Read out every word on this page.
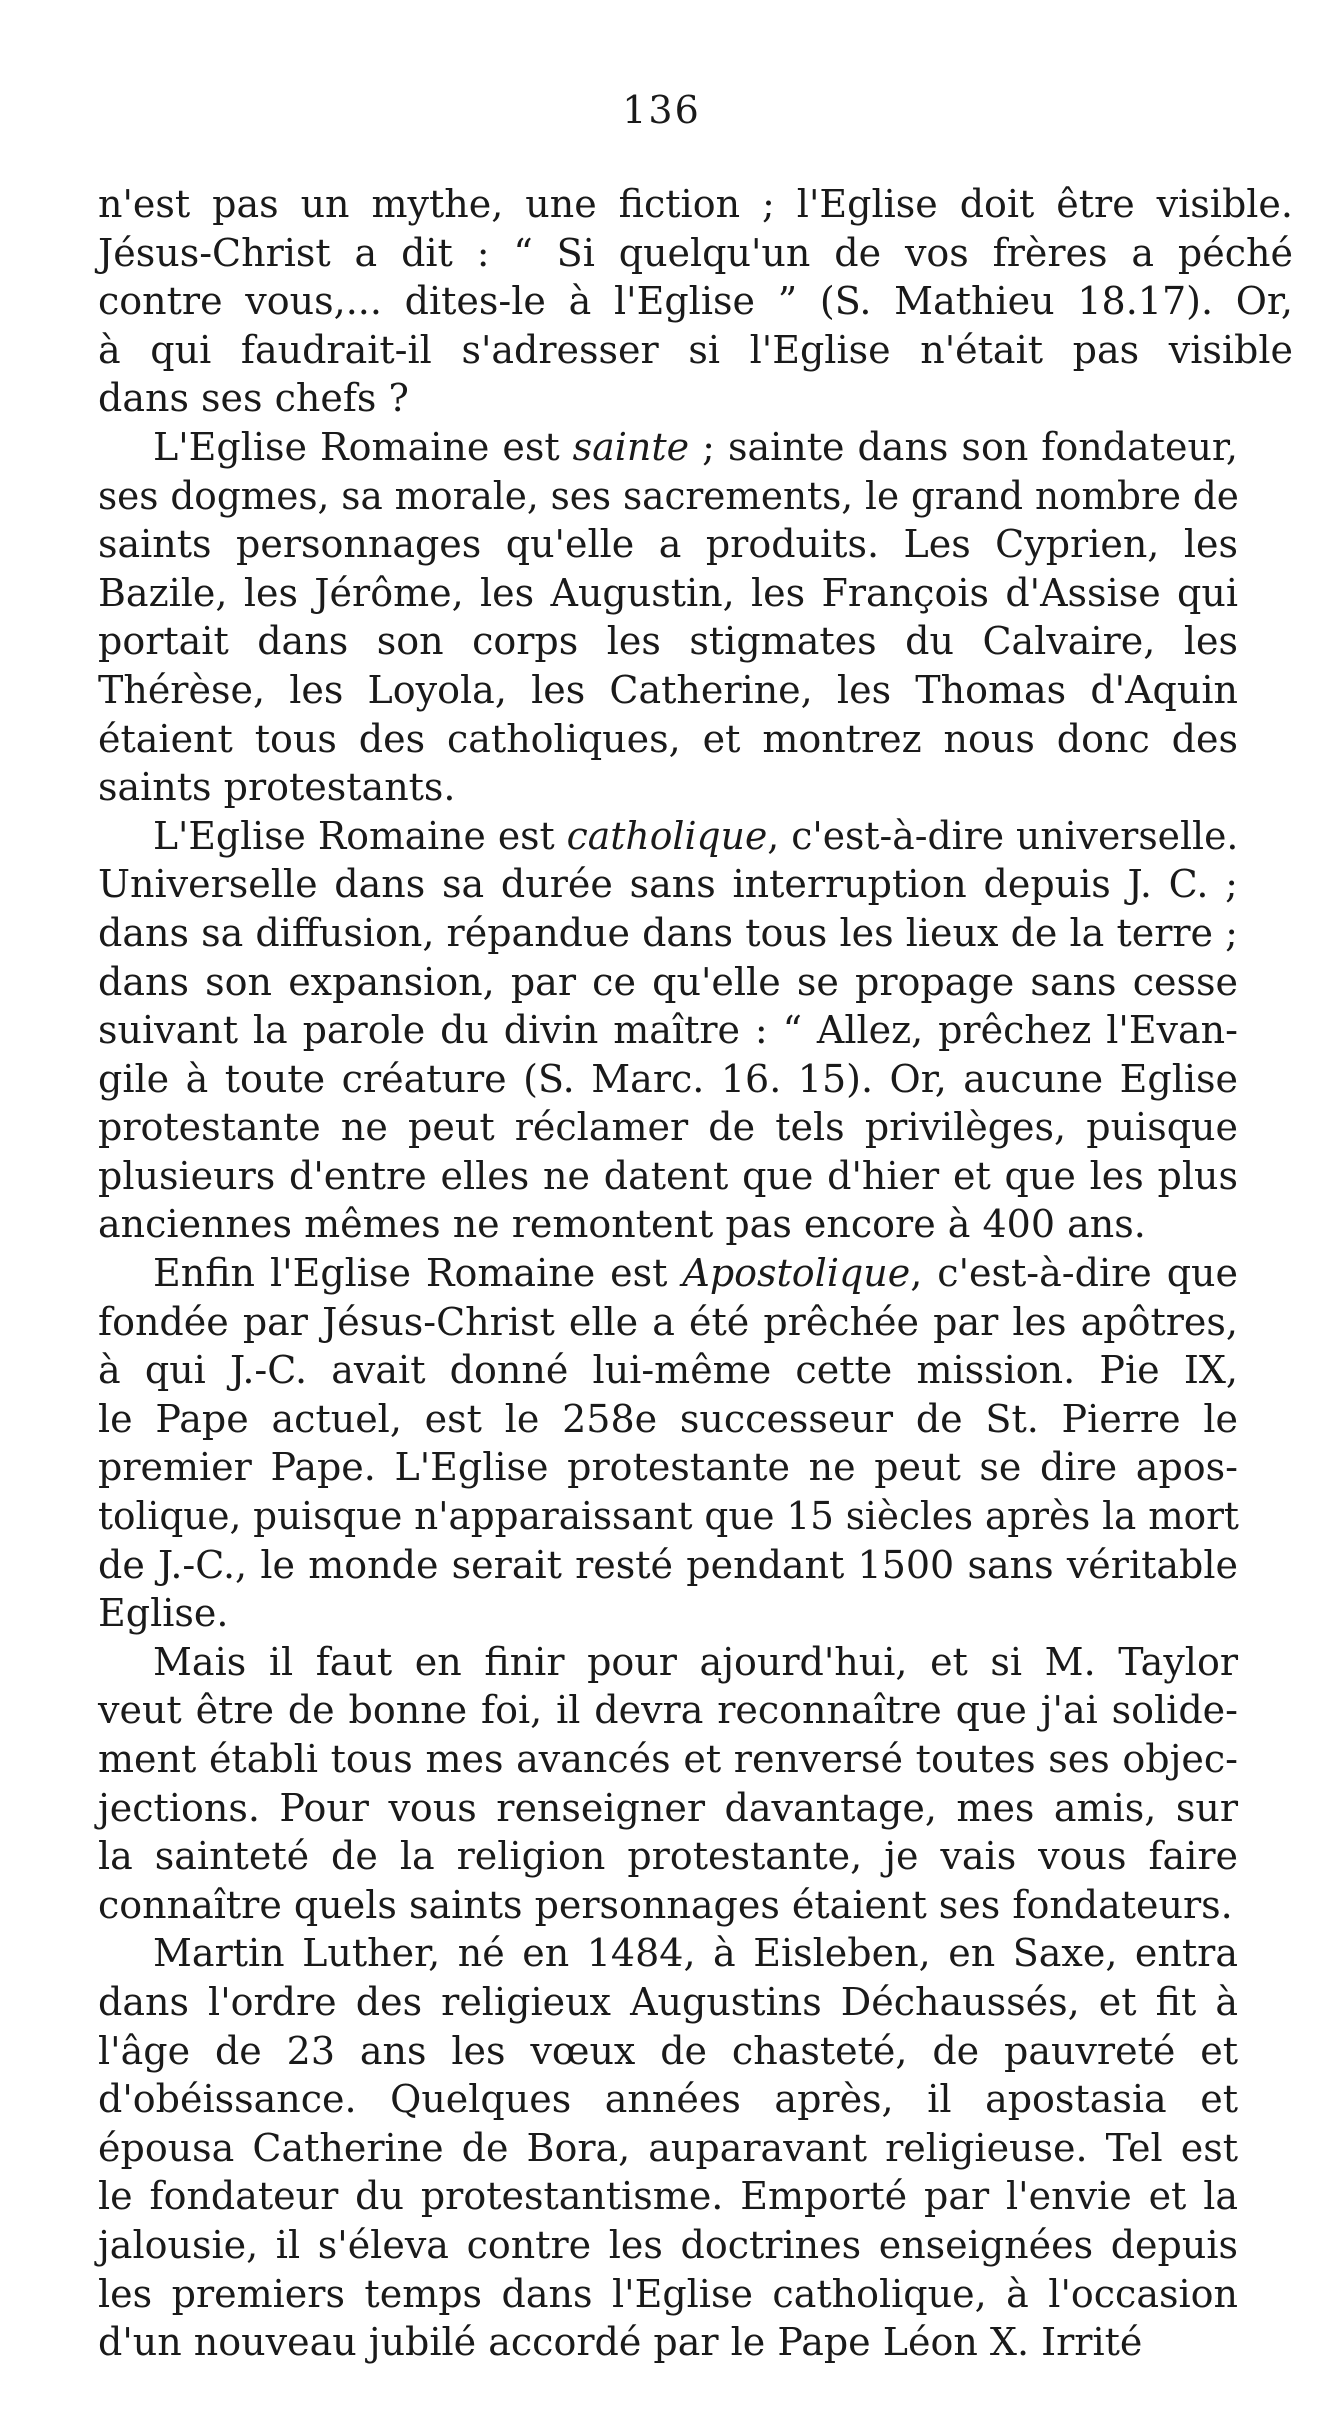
136
n'est pas un mythe, une fiction ; l'Eglise doit être visible.
Jésus-Christ a dit : “ Si quelqu'un de vos frères a péché
contre vous,... dites-le à l'Eglise ” (S. Mathieu 18.17). Or,
à qui faudrait-il s'adresser si l'Eglise n'était pas visible
dans ses chefs ?
L'Eglise Romaine est sainte ; sainte dans son fondateur,
ses dogmes, sa morale, ses sacrements, le grand nombre de
saints personnages qu'elle a produits. Les Cyprien, les
Bazile, les Jérôme, les Augustin, les François d'Assise qui
portait dans son corps les stigmates du Calvaire, les
Thérèse, les Loyola, les Catherine, les Thomas d'Aquin
étaient tous des catholiques, et montrez nous donc des
saints protestants.
L'Eglise Romaine est catholique, c'est-à-dire universelle.
Universelle dans sa durée sans interruption depuis J. C. ;
dans sa diffusion, répandue dans tous les lieux de la terre ;
dans son expansion, par ce qu'elle se propage sans cesse
suivant la parole du divin maître : “ Allez, prêchez l'Evan-
gile à toute créature (S. Marc. 16. 15). Or, aucune Eglise
protestante ne peut réclamer de tels privilèges, puisque
plusieurs d'entre elles ne datent que d'hier et que les plus
anciennes mêmes ne remontent pas encore à 400 ans.
Enfin l'Eglise Romaine est Apostolique, c'est-à-dire que
fondée par Jésus-Christ elle a été prêchée par les apôtres,
à qui J.-C. avait donné lui-même cette mission. Pie IX,
le Pape actuel, est le 258e successeur de St. Pierre le
premier Pape. L'Eglise protestante ne peut se dire apos-
tolique, puisque n'apparaissant que 15 siècles après la mort
de J.-C., le monde serait resté pendant 1500 sans véritable
Eglise.
Mais il faut en finir pour ajourd'hui, et si M. Taylor
veut être de bonne foi, il devra reconnaître que j'ai solide-
ment établi tous mes avancés et renversé toutes ses objec-
jections. Pour vous renseigner davantage, mes amis, sur
la sainteté de la religion protestante, je vais vous faire
connaître quels saints personnages étaient ses fondateurs.
Martin Luther, né en 1484, à Eisleben, en Saxe, entra
dans l'ordre des religieux Augustins Déchaussés, et fit à
l'âge de 23 ans les vœux de chasteté, de pauvreté et
d'obéissance. Quelques années après, il apostasia et
épousa Catherine de Bora, auparavant religieuse. Tel est
le fondateur du protestantisme. Emporté par l'envie et la
jalousie, il s'éleva contre les doctrines enseignées depuis
les premiers temps dans l'Eglise catholique, à l'occasion
d'un nouveau jubilé accordé par le Pape Léon X. Irrité
